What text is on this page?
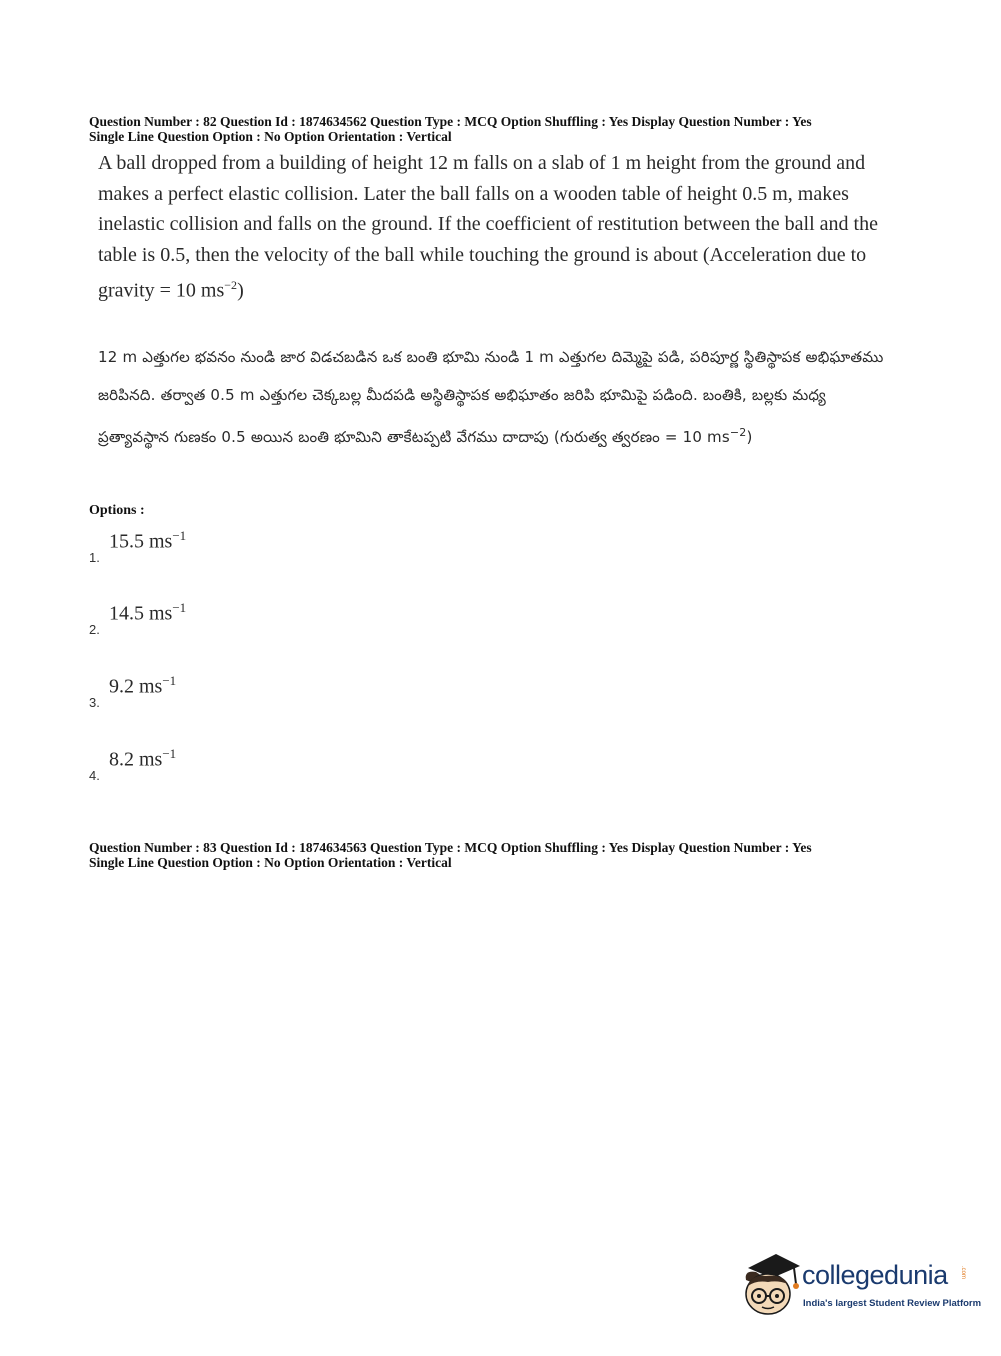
Question Number : 82 Question Id : 1874634562 Question Type : MCQ Option Shuffling : Yes Display Question Number : Yes
Single Line Question Option : No Option Orientation : Vertical
A ball dropped from a building of height 12 m falls on a slab of 1 m height from the ground and makes a perfect elastic collision. Later the ball falls on a wooden table of height 0.5 m, makes inelastic collision and falls on the ground. If the coefficient of restitution between the ball and the table is 0.5, then the velocity of the ball while touching the ground is about (Acceleration due to gravity = 10 $ms^{-2}$)
12 m ఎత్తుగల భవనం నుండి జార విడచబడిన ఒక బంతి భూమి నుండి 1 m ఎత్తుగల దిమ్మెపై పడి, పరిపూర్ణ స్థితిస్థాపక అభిఘాతము జరిపినది. తర్వాత 0.5 m ఎత్తుగల చెక్కబల్ల మీదపడి అస్థితిస్థాపక అభిఘాతం జరిపి భూమిపై పడింది. బంతికి, బల్లకు మధ్య ప్రత్యావస్థాన గుణకం 0.5 అయిన బంతి భూమిని తాకేటప్పటి వేగము దాదాపు (గురుత్వ త్వరణం = 10 $ms^{-2}$)
Options :
15.5 $ms^{-1}$
1.
14.5 $ms^{-1}$
2.
9.2 $ms^{-1}$
3.
8.2 $ms^{-1}$
4.
Question Number : 83 Question Id : 1874634563 Question Type : MCQ Option Shuffling : Yes Display Question Number : Yes
Single Line Question Option : No Option Orientation : Vertical
collegedunia .com
India's largest Student Review Platform
